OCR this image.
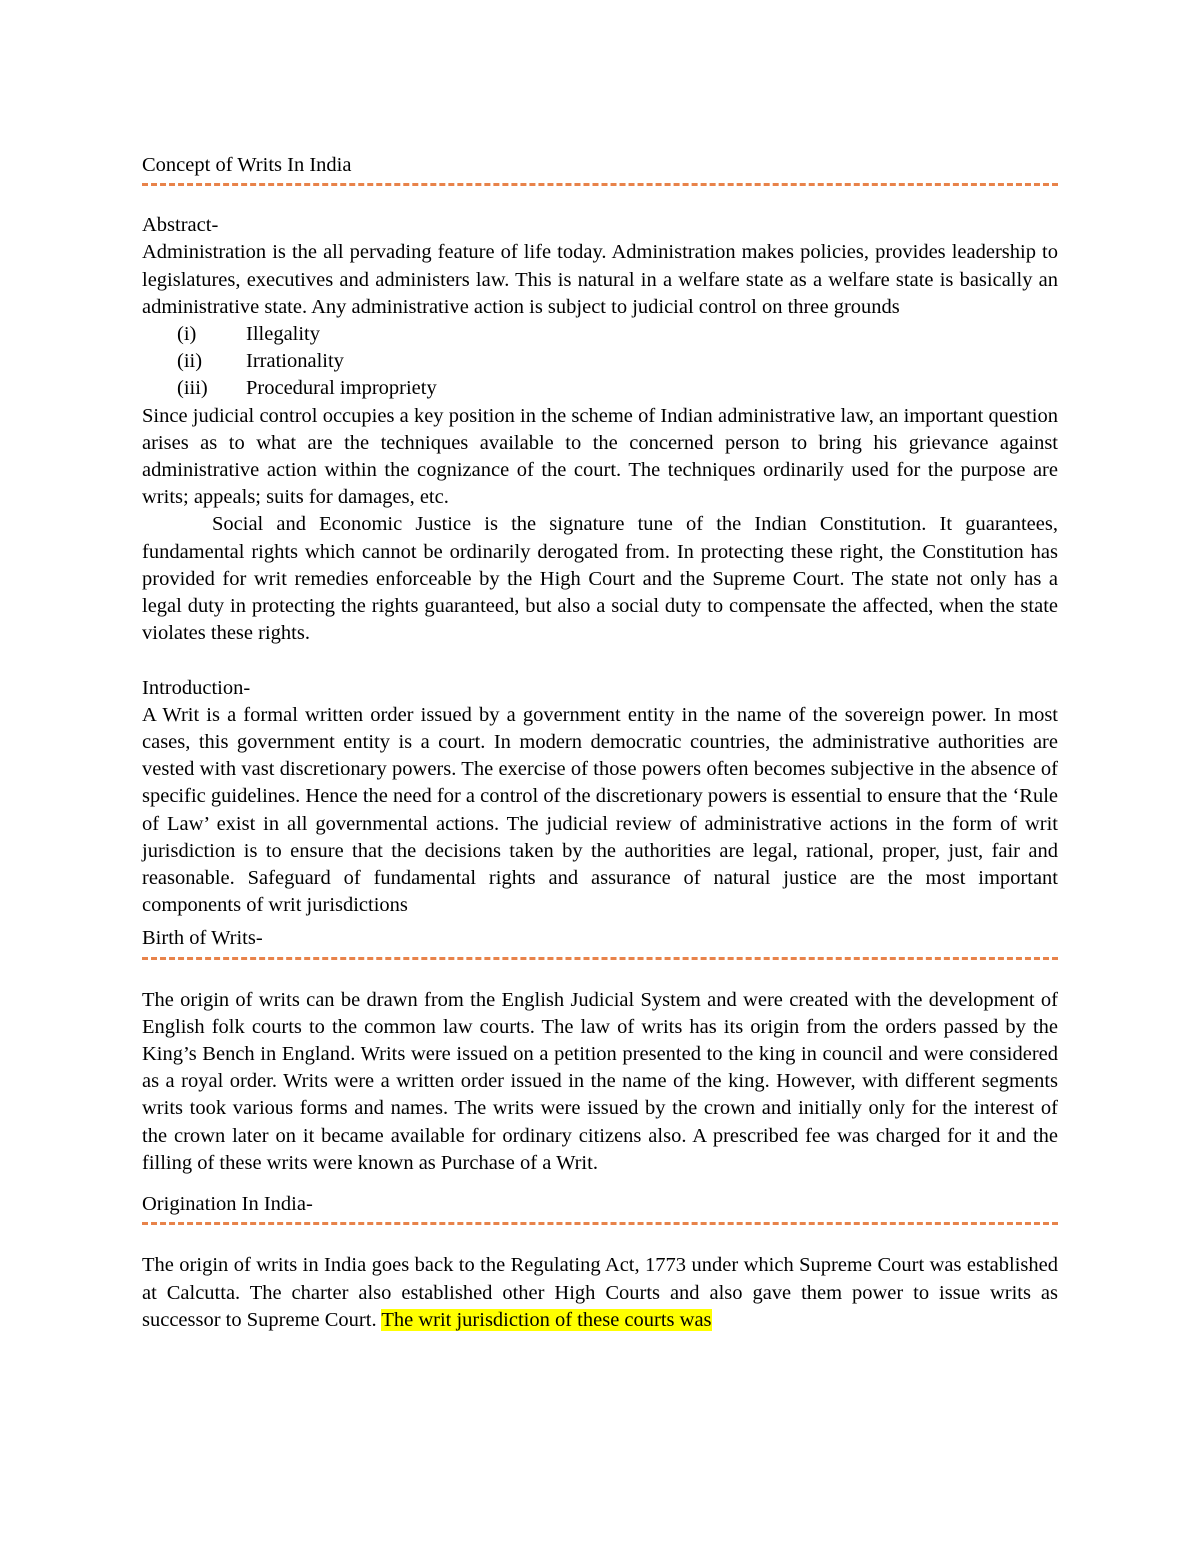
Concept of Writs In India

Abstract-

Administration is the all pervading feature of life today. Administration makes policies, provides leadership to legislatures, executives and administers law. This is natural in a welfare state as a welfare state is basically an administrative state. Any administrative action is subject to judicial control on three grounds

(i)	Illegality
(ii)	Irrationality
(iii)	Procedural impropriety

Since judicial control occupies a key position in the scheme of Indian administrative law, an important question arises as to what are the techniques available to the concerned person to bring his grievance against administrative action within the cognizance of the court. The techniques ordinarily used for the purpose are writs; appeals; suits for damages, etc.

Social and Economic Justice is the signature tune of the Indian Constitution. It guarantees, fundamental rights which cannot be ordinarily derogated from. In protecting these right, the Constitution has provided for writ remedies enforceable by the High Court and the Supreme Court. The state not only has a legal duty in protecting the rights guaranteed, but also a social duty to compensate the affected, when the state violates these rights.

Introduction-

A Writ is a formal written order issued by a government entity in the name of the sovereign power. In most cases, this government entity is a court. In modern democratic countries, the administrative authorities are vested with vast discretionary powers. The exercise of those powers often becomes subjective in the absence of specific guidelines. Hence the need for a control of the discretionary powers is essential to ensure that the ‘Rule of Law’ exist in all governmental actions. The judicial review of administrative actions in the form of writ jurisdiction is to ensure that the decisions taken by the authorities are legal, rational, proper, just, fair and reasonable. Safeguard of fundamental rights and assurance of natural justice are the most important components of writ jurisdictions

Birth of Writs-

The origin of writs can be drawn from the English Judicial System and were created with the development of English folk courts to the common law courts. The law of writs has its origin from the orders passed by the King’s Bench in England. Writs were issued on a petition presented to the king in council and were considered as a royal order. Writs were a written order issued in the name of the king. However, with different segments writs took various forms and names. The writs were issued by the crown and initially only for the interest of the crown later on it became available for ordinary citizens also. A prescribed fee was charged for it and the filling of these writs were known as Purchase of a Writ.

Origination In India-

The origin of writs in India goes back to the Regulating Act, 1773 under which Supreme Court was established at Calcutta. The charter also established other High Courts and also gave them power to issue writs as successor to Supreme Court. The writ jurisdiction of these courts was
